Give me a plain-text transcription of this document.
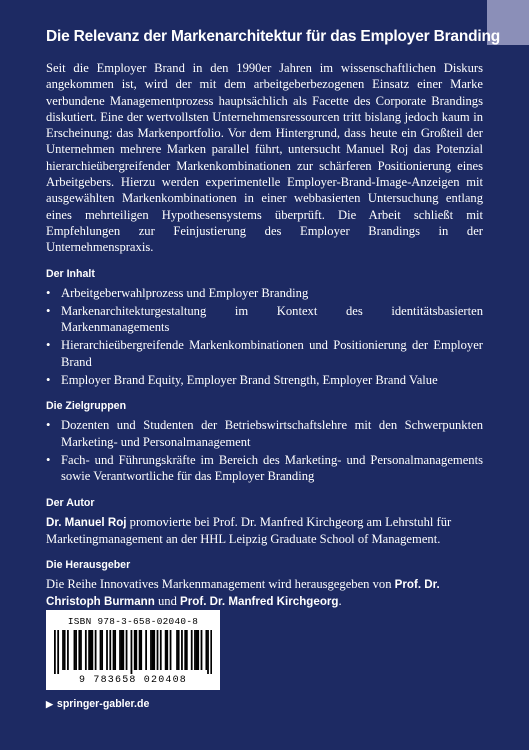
Die Relevanz der Markenarchitektur für das Employer Branding

Seit die Employer Brand in den 1990er Jahren im wissenschaftlichen Diskurs angekommen ist, wird der mit dem arbeitgeberbezogenen Einsatz einer Marke verbundene Managementprozess hauptsächlich als Facette des Corporate Brandings diskutiert. Eine der wertvollsten Unternehmensressourcen tritt bislang jedoch kaum in Erscheinung: das Markenportfolio. Vor dem Hintergrund, dass heute ein Großteil der Unternehmen mehrere Marken parallel führt, untersucht Manuel Roj das Potenzial hierarchieübergreifender Markenkombinationen zur schärferen Positionierung eines Arbeitgebers. Hierzu werden experimentelle Employer-Brand-Image-Anzeigen mit ausgewählten Markenkombinationen in einer webbasierten Untersuchung entlang eines mehrteiligen Hypothesensystems überprüft. Die Arbeit schließt mit Empfehlungen zur Feinjustierung des Employer Brandings in der Unternehmenspraxis.

Der Inhalt
• Arbeitgeberwahlprozess und Employer Branding
• Markenarchitekturgestaltung im Kontext des identitätsbasierten Markenmanagements
• Hierarchieübergreifende Markenkombinationen und Positionierung der Employer Brand
• Employer Brand Equity, Employer Brand Strength, Employer Brand Value
Die Zielgruppen
• Dozenten und Studenten der Betriebswirtschaftslehre mit den Schwerpunkten Marketing- und Personalmanagement
• Fach- und Führungskräfte im Bereich des Marketing- und Personalmanagements sowie Verantwortliche für das Employer Branding
Der Autor

Dr. Manuel Roj promovierte bei Prof. Dr. Manfred Kirchgeorg am Lehrstuhl für Marketingmanagement an der HHL Leipzig Graduate School of Management.

Die Herausgeber

Die Reihe Innovatives Markenmanagement wird herausgegeben von Prof. Dr. Christoph Burmann und Prof. Dr. Manfred Kirchgeorg.

ISBN 978-3-658-02040-8
9 783658 020408
▶ springer-gabler.de
